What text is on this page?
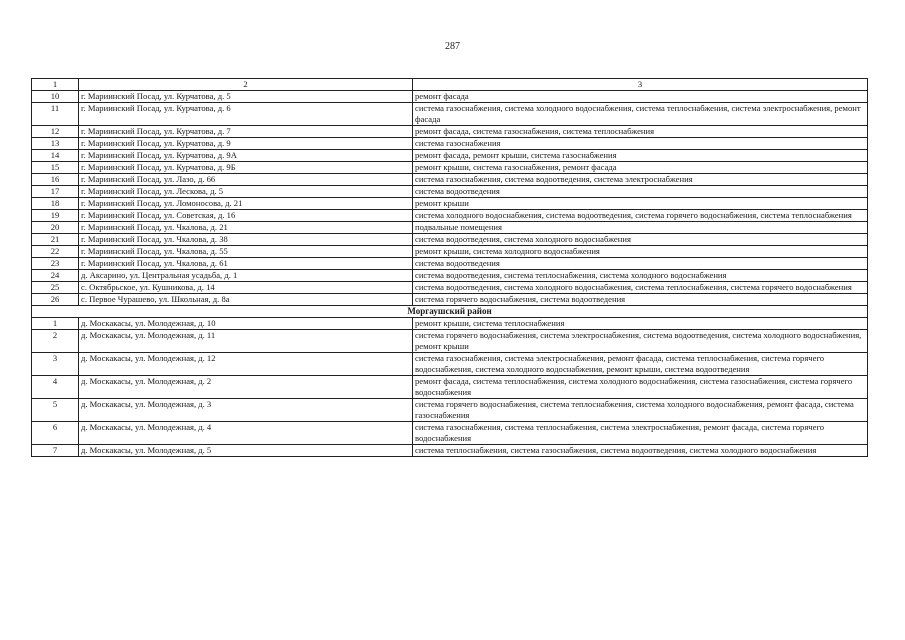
287
1	2	3
10	г. Мариинский Посад, ул. Курчатова, д. 5	ремонт фасада
11	г. Мариинский Посад, ул. Курчатова, д. 6	система газоснабжения, система холодного водоснабжения, система теплоснабжения, система электроснабжения, ремонт фасада
12	г. Мариинский Посад, ул. Курчатова, д. 7	ремонт фасада, система газоснабжения, система теплоснабжения
13	г. Мариинский Посад, ул. Курчатова, д. 9	система газоснабжения
14	г. Мариинский Посад, ул. Курчатова, д. 9А	ремонт фасада, ремонт крыши, система газоснабжения
15	г. Мариинский Посад, ул. Курчатова, д. 9Б	ремонт крыши, система газоснабжения, ремонт фасада
16	г. Мариинский Посад, ул. Лазо, д. 66	система газоснабжения, система водоотведения, система электроснабжения
17	г. Мариинский Посад, ул. Лескова, д. 5	система водоотведения
18	г. Мариинский Посад, ул. Ломоносова, д. 21	ремонт крыши
19	г. Мариинский Посад, ул. Советская, д. 16	система холодного водоснабжения, система водоотведения, система горячего водоснабжения, система теплоснабжения
20	г. Мариинский Посад, ул. Чкалова, д. 21	подвальные помещения
21	г. Мариинский Посад, ул. Чкалова, д. 38	система водоотведения, система холодного водоснабжения
22	г. Мариинский Посад, ул. Чкалова, д. 55	ремонт крыши, система холодного водоснабжения
23	г. Мариинский Посад, ул. Чкалова, д. 61	система водоотведения
24	д. Аксарино, ул. Центральная усадьба, д. 1	система водоотведения, система теплоснабжения, система холодного водоснабжения
25	с. Октябрьское, ул. Кушникова, д. 14	система водоотведения, система холодного водоснабжения, система теплоснабжения, система горячего водоснабжения
26	с. Первое Чурашево, ул. Школьная, д. 8а	система горячего водоснабжения, система водоотведения
Моргаушский район		
1	д. Москакасы, ул. Молодежная, д. 10	ремонт крыши, система теплоснабжения
2	д. Москакасы, ул. Молодежная, д. 11	система горячего водоснабжения, система электроснабжения, система водоотведения, система холодного водоснабжения, ремонт крыши
3	д. Москакасы, ул. Молодежная, д. 12	система газоснабжения, система электроснабжения, ремонт фасада, система теплоснабжения, система горячего водоснабжения, система холодного водоснабжения, ремонт крыши, система водоотведения
4	д. Москакасы, ул. Молодежная, д. 2	ремонт фасада, система теплоснабжения, система холодного водоснабжения, система газоснабжения, система горячего водоснабжения
5	д. Москакасы, ул. Молодежная, д. 3	система горячего водоснабжения, система теплоснабжения, система холодного водоснабжения, ремонт фасада, система газоснабжения
6	д. Москакасы, ул. Молодежная, д. 4	система газоснабжения, система теплоснабжения, система электроснабжения, ремонт фасада, система горячего водоснабжения
7	д. Москакасы, ул. Молодежная, д. 5	система теплоснабжения, система газоснабжения, система водоотведения, система холодного водоснабжения
